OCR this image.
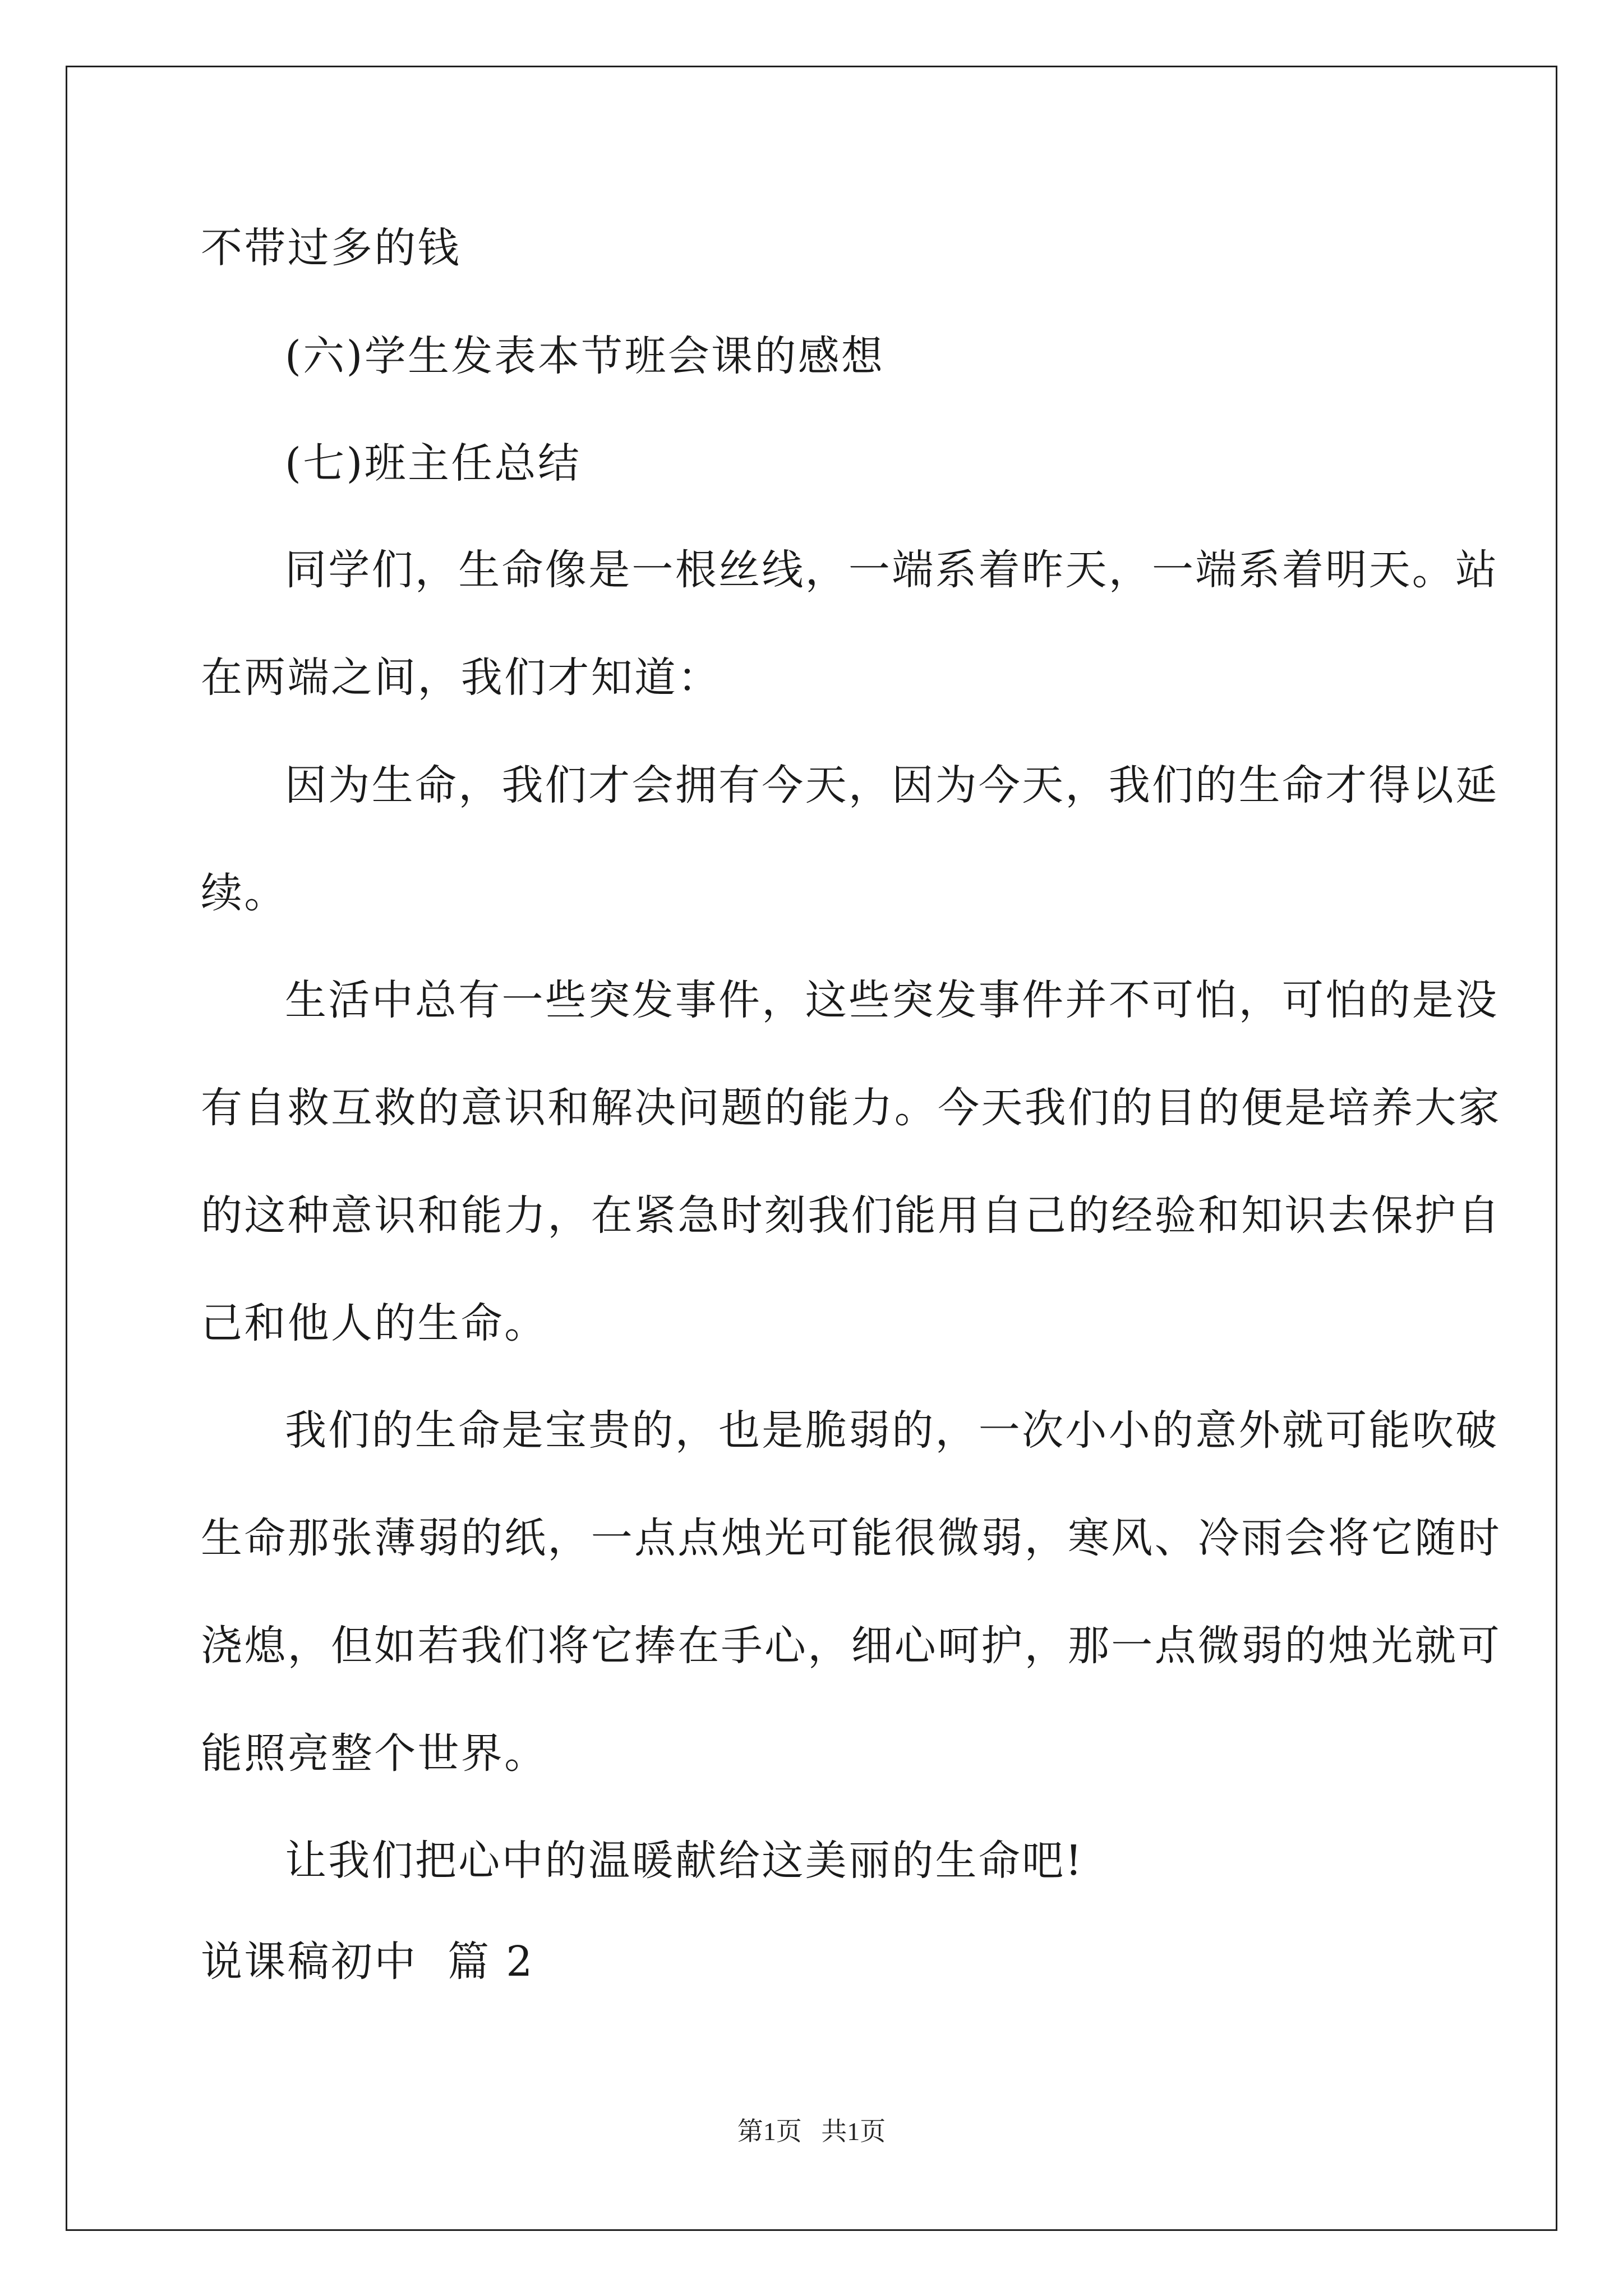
不带过多的钱
(六)学生发表本节班会课的感想
(七)班主任总结
同学们，生命像是一根丝线，一端系着昨天，一端系着明天。站
在两端之间，我们才知道：
因为生命，我们才会拥有今天，因为今天，我们的生命才得以延
续。
生活中总有一些突发事件，这些突发事件并不可怕，可怕的是没
有自救互救的意识和解决问题的能力。今天我们的目的便是培养大家
的这种意识和能力，在紧急时刻我们能用自己的经验和知识去保护自
己和他人的生命。
我们的生命是宝贵的，也是脆弱的，一次小小的意外就可能吹破
生命那张薄弱的纸，一点点烛光可能很微弱，寒风、冷雨会将它随时
浇熄，但如若我们将它捧在手心，细心呵护，那一点微弱的烛光就可
能照亮整个世界。
让我们把心中的温暖献给这美丽的生命吧!
说课稿初中  篇 2
第1页   共1页
